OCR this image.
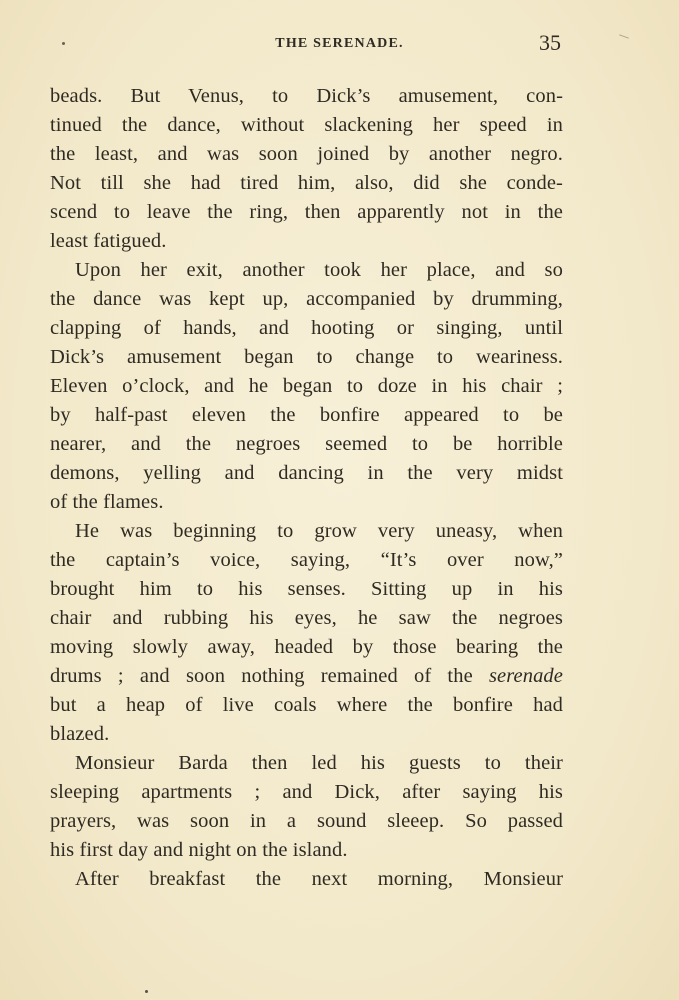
THE SERENADE.	35
beads. But Venus, to Dick’s amusement, con-
tinued the dance, without slackening her speed in
the least, and was soon joined by another negro.
Not till she had tired him, also, did she conde-
scend to leave the ring, then apparently not in the
least fatigued.
Upon her exit, another took her place, and so
the dance was kept up, accompanied by drumming,
clapping of hands, and hooting or singing, until
Dick’s amusement began to change to weariness.
Eleven o’clock, and he began to doze in his chair ;
by half-past eleven the bonfire appeared to be
nearer, and the negroes seemed to be horrible
demons, yelling and dancing in the very midst
of the flames.
He was beginning to grow very uneasy, when
the captain’s voice, saying, “It’s over now,”
brought him to his senses. Sitting up in his
chair and rubbing his eyes, he saw the negroes
moving slowly away, headed by those bearing the
drums ; and soon nothing remained of the serenade
but a heap of live coals where the bonfire had
blazed.
Monsieur Barda then led his guests to their
sleeping apartments ; and Dick, after saying his
prayers, was soon in a sound sleeep. So passed
his first day and night on the island.
After breakfast the next morning, Monsieur
